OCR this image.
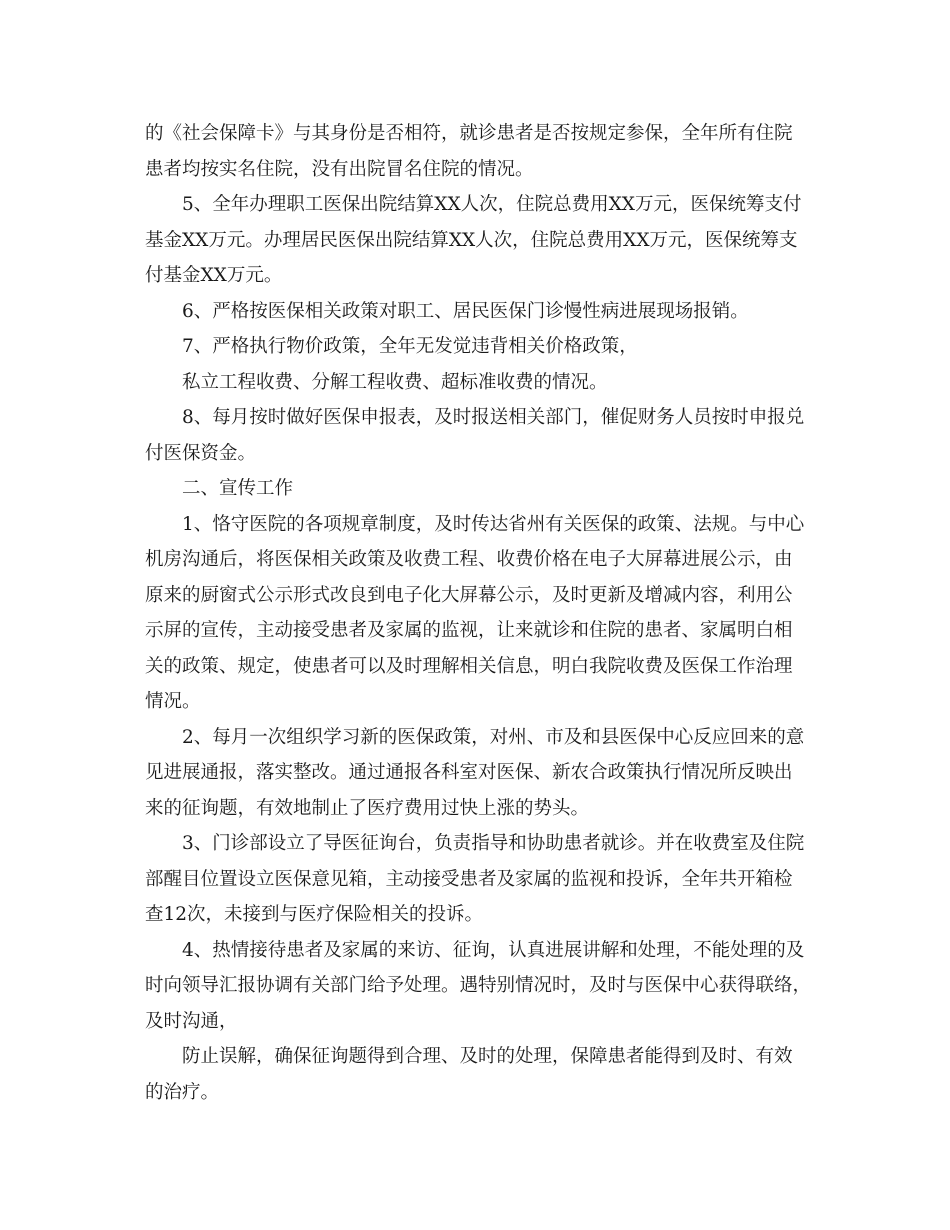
的《社会保障卡》与其身份是否相符，就诊患者是否按规定参保，全年所有住院
患者均按实名住院，没有出院冒名住院的情况。
5、全年办理职工医保出院结算XX人次，住院总费用XX万元，医保统筹支付
基金XX万元。办理居民医保出院结算XX人次，住院总费用XX万元，医保统筹支
付基金XX万元。
6、严格按医保相关政策对职工、居民医保门诊慢性病进展现场报销。
7、严格执行物价政策，全年无发觉违背相关价格政策，
私立工程收费、分解工程收费、超标准收费的情况。
8、每月按时做好医保申报表，及时报送相关部门，催促财务人员按时申报兑
付医保资金。
二、宣传工作
1、恪守医院的各项规章制度，及时传达省州有关医保的政策、法规。与中心
机房沟通后，将医保相关政策及收费工程、收费价格在电子大屏幕进展公示，由
原来的厨窗式公示形式改良到电子化大屏幕公示，及时更新及增减内容，利用公
示屏的宣传，主动接受患者及家属的监视，让来就诊和住院的患者、家属明白相
关的政策、规定，使患者可以及时理解相关信息，明白我院收费及医保工作治理
情况。
2、每月一次组织学习新的医保政策，对州、市及和县医保中心反应回来的意
见进展通报，落实整改。通过通报各科室对医保、新农合政策执行情况所反映出
来的征询题，有效地制止了医疗费用过快上涨的势头。
3、门诊部设立了导医征询台，负责指导和协助患者就诊。并在收费室及住院
部醒目位置设立医保意见箱，主动接受患者及家属的监视和投诉，全年共开箱检
查12次，未接到与医疗保险相关的投诉。
4、热情接待患者及家属的来访、征询，认真进展讲解和处理，不能处理的及
时向领导汇报协调有关部门给予处理。遇特别情况时，及时与医保中心获得联络，
及时沟通，
防止误解，确保征询题得到合理、及时的处理，保障患者能得到及时、有效
的治疗。
